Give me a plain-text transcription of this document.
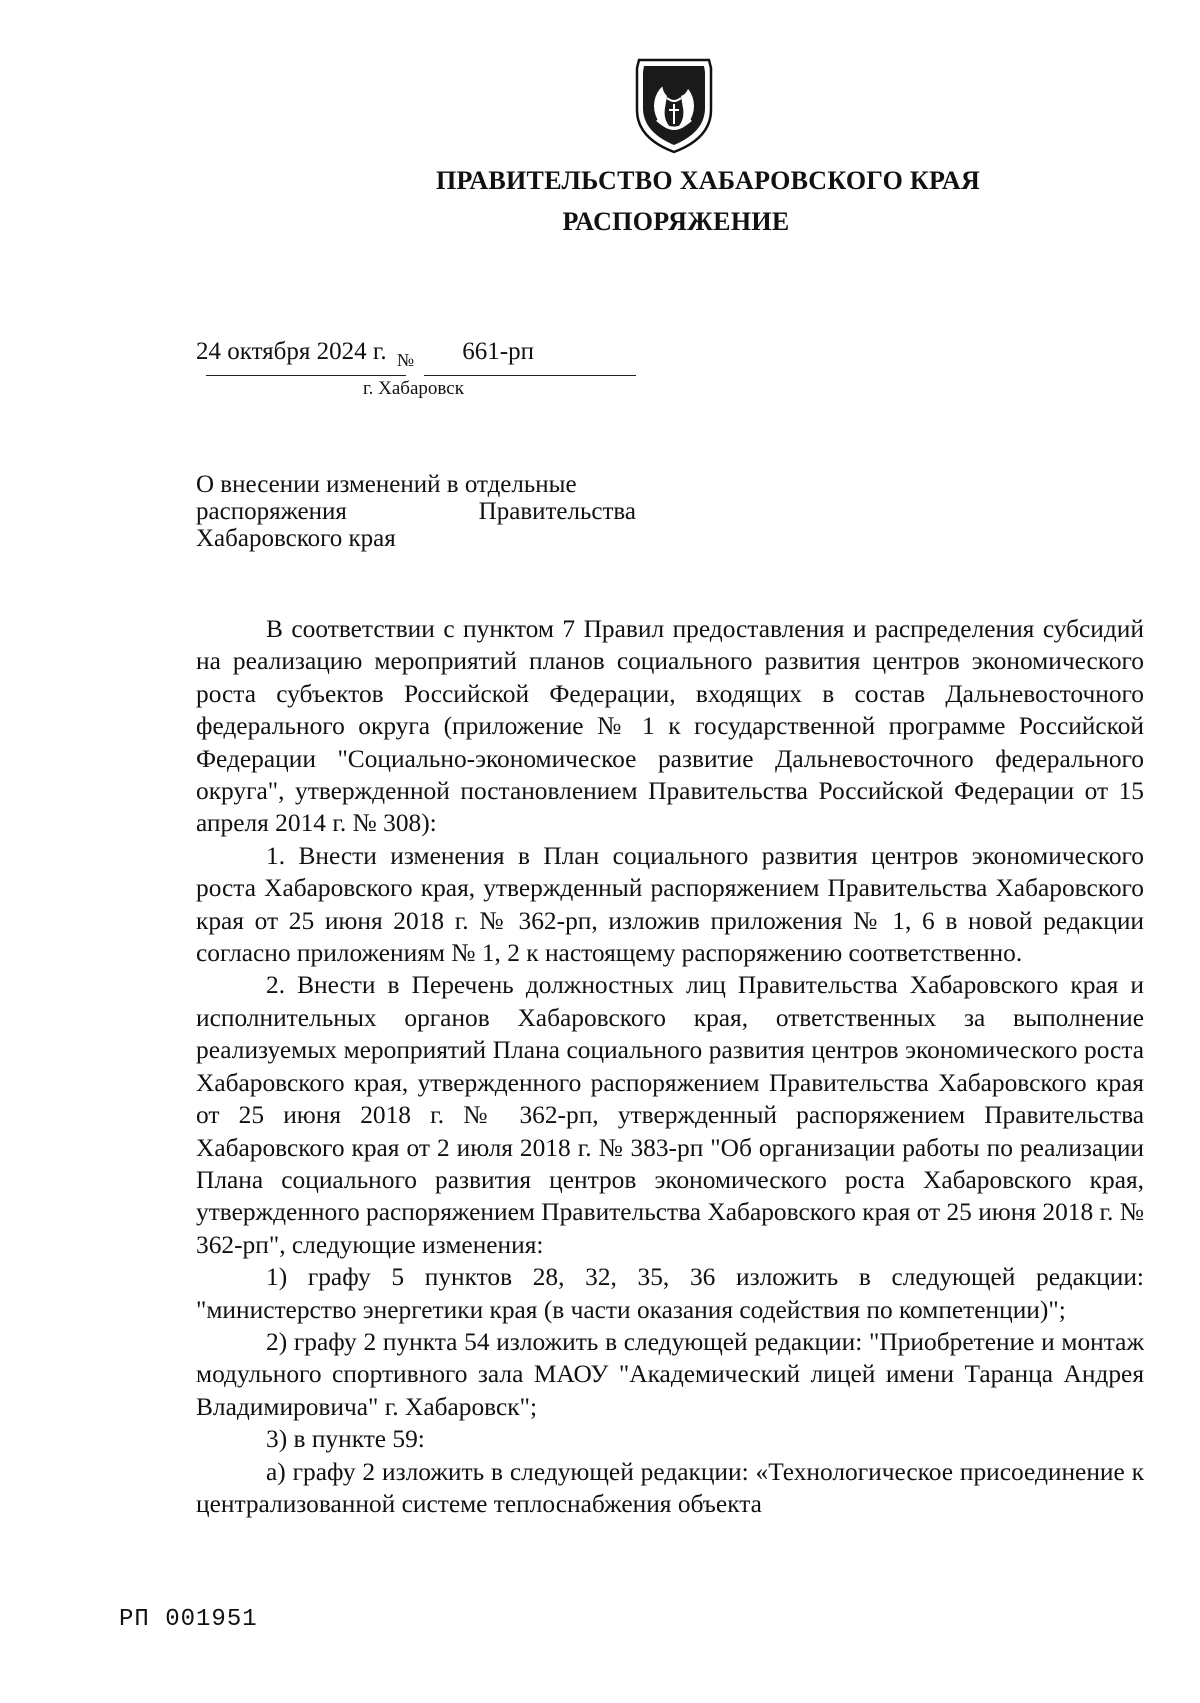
ПРАВИТЕЛЬСТВО ХАБАРОВСКОГО КРАЯ
РАСПОРЯЖЕНИЕ
24 октября 2024 г. $_№$ 661-рп
г. Хабаровск
О внесении изменений в отдельные
распоряжения Правительства
Хабаровского края

В соответствии с пунктом 7 Правил предоставления и распределения субсидий на реализацию мероприятий планов социального развития центров экономического роста субъектов Российской Федерации, входящих в состав Дальневосточного федерального округа (приложение № 1 к государственной программе Российской Федерации "Социально-экономическое развитие Дальневосточного федерального округа", утвержденной постановлением Правительства Российской Федерации от 15 апреля 2014 г. № 308):

1. Внести изменения в План социального развития центров экономического роста Хабаровского края, утвержденный распоряжением Правительства Хабаровского края от 25 июня 2018 г. № 362-рп, изложив приложения № 1, 6 в новой редакции согласно приложениям № 1, 2 к настоящему распоряжению соответственно.

2. Внести в Перечень должностных лиц Правительства Хабаровского края и исполнительных органов Хабаровского края, ответственных за выполнение реализуемых мероприятий Плана социального развития центров экономического роста Хабаровского края, утвержденного распоряжением Правительства Хабаровского края от 25 июня 2018 г. № 362-рп, утвержденный распоряжением Правительства Хабаровского края от 2 июля 2018 г. № 383-рп "Об организации работы по реализации Плана социального развития центров экономического роста Хабаровского края, утвержденного распоряжением Правительства Хабаровского края от 25 июня 2018 г. № 362-рп", следующие изменения:

1) графу 5 пунктов 28, 32, 35, 36 изложить в следующей редакции: "министерство энергетики края (в части оказания содействия по компетенции)";

2) графу 2 пункта 54 изложить в следующей редакции: "Приобретение и монтаж модульного спортивного зала МАОУ "Академический лицей имени Таранца Андрея Владимировича" г. Хабаровск";

3) в пункте 59:

а) графу 2 изложить в следующей редакции: «Технологическое присоединение к централизованной системе теплоснабжения объекта

РП 001951
